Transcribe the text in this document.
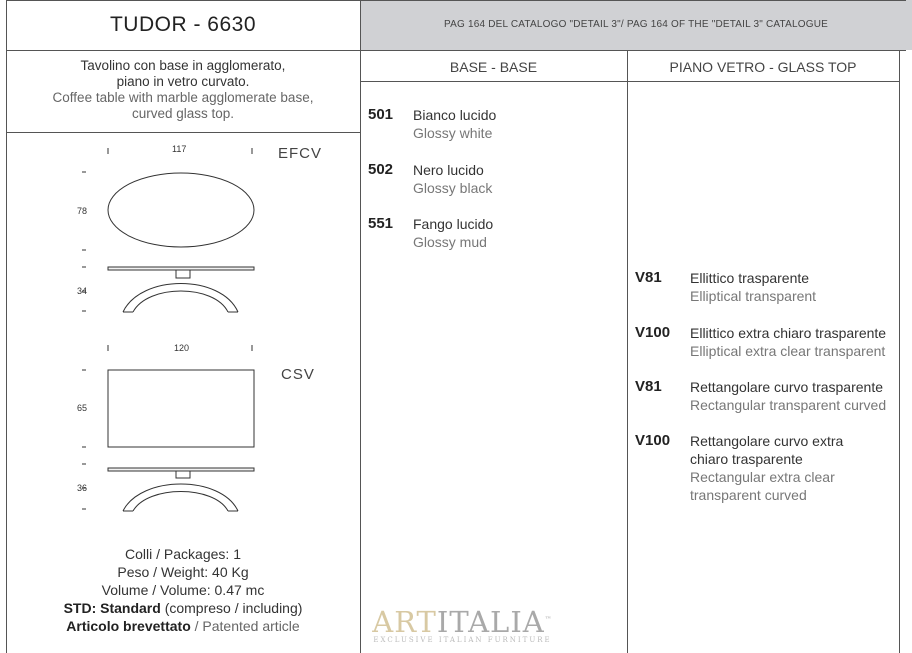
TUDOR - 6630	PAG 164 DEL CATALOGO "DETAIL 3"/ PAG 164 OF THE "DETAIL 3" CATALOGUE
Tavolino con base in agglomerato,
piano in vetro curvato.
Coffee table with marble agglomerate base,
curved glass top.
BASE - BASE	PIANO VETRO - GLASS TOP
501 Bianco lucido
Glossy white
502 Nero lucido
Glossy black
551 Fango lucido
Glossy mud
V81 Ellittico trasparente
Elliptical transparent
V100 Ellittico extra chiaro trasparente
Elliptical extra clear transparent
V81 Rettangolare curvo trasparente
Rectangular transparent curved
V100 Rettangolare curvo extra
chiaro trasparente
Rectangular extra clear
transparent curved
117
78
34
EFCV
120
65
36
CSV
Colli / Packages: 1
Peso / Weight: 40 Kg
Volume / Volume: 0.47 mc
STD: Standard (compreso / including)
Articolo brevettato / Patented article	ARTITALIA™
EXCLUSIVE ITALIAN FURNITURE
